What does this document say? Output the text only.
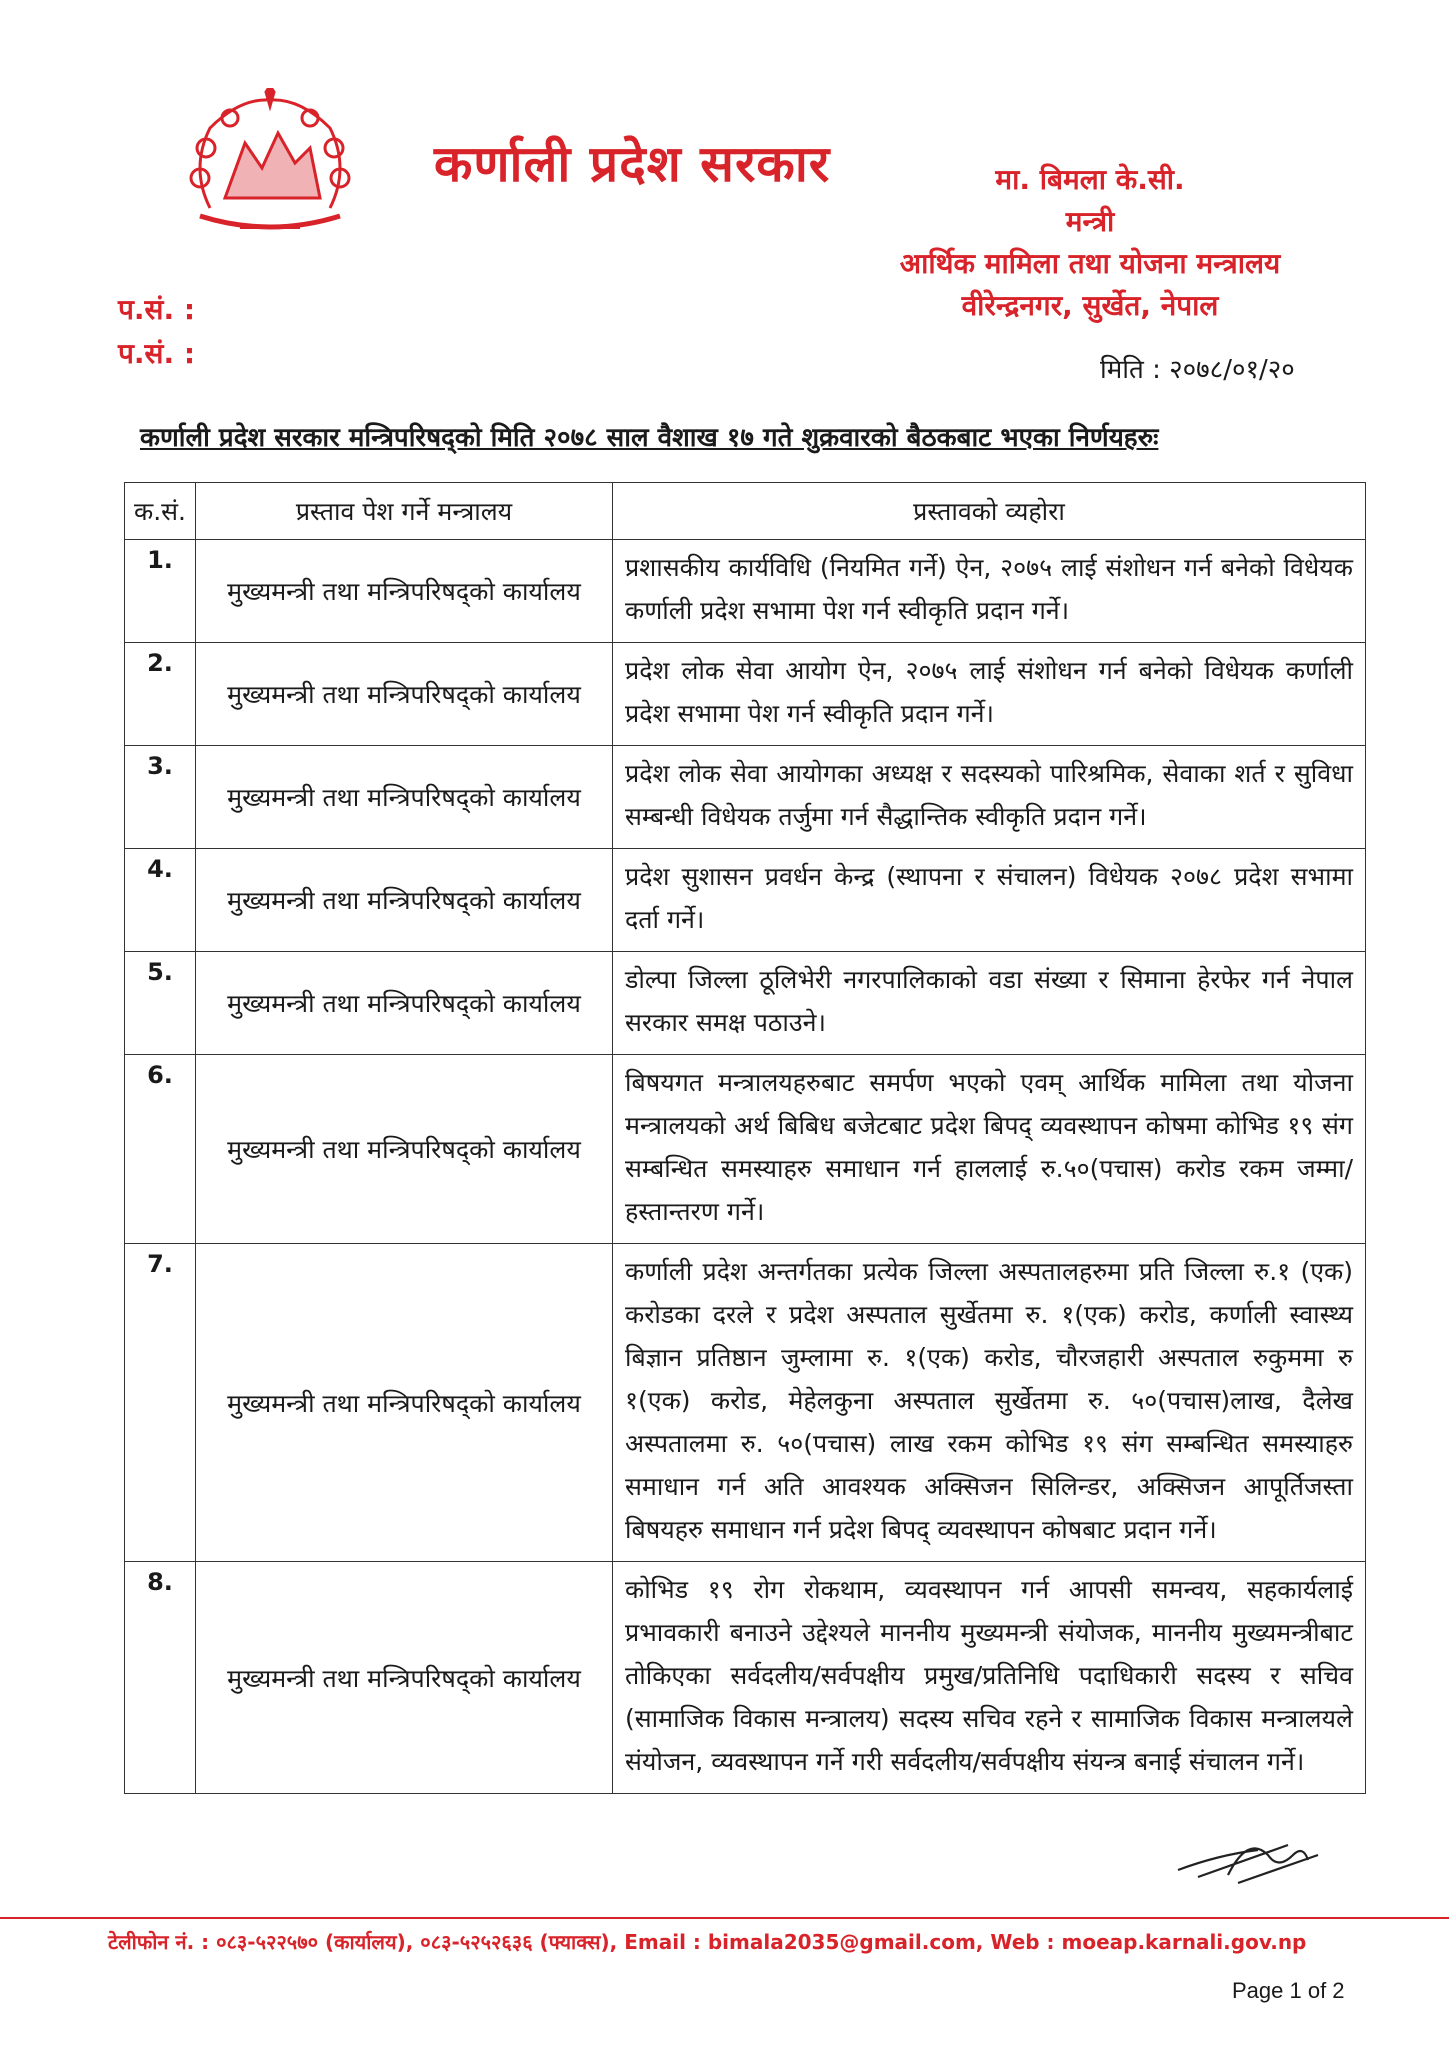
कर्णाली प्रदेश सरकार	मा. बिमला के.सी.
मन्त्री
आर्थिक मामिला तथा योजना मन्त्रालय
वीरेन्द्रनगर, सुर्खेत, नेपाल
प.सं. :
प.सं. :	मिति : २०७८/०१/२०
कर्णाली प्रदेश सरकार मन्त्रिपरिषद्को मिति २०७८ साल वैशाख १७ गते शुक्रवारको बैठकबाट भएका निर्णयहरुः
क.सं.	प्रस्ताव पेश गर्ने मन्त्रालय	प्रस्तावको व्यहोरा
1.	मुख्यमन्त्री तथा मन्त्रिपरिषद्को कार्यालय	प्रशासकीय कार्यविधि (नियमित गर्ने) ऐन, २०७५ लाई संशोधन गर्न बनेको विधेयक कर्णाली प्रदेश सभामा पेश गर्न स्वीकृति प्रदान गर्ने।
2.	मुख्यमन्त्री तथा मन्त्रिपरिषद्को कार्यालय	प्रदेश लोक सेवा आयोग ऐन, २०७५ लाई संशोधन गर्न बनेको विधेयक कर्णाली प्रदेश सभामा पेश गर्न स्वीकृति प्रदान गर्ने।
3.	मुख्यमन्त्री तथा मन्त्रिपरिषद्को कार्यालय	प्रदेश लोक सेवा आयोगका अध्यक्ष र सदस्यको पारिश्रमिक, सेवाका शर्त र सुविधा सम्बन्धी विधेयक तर्जुमा गर्न सैद्धान्तिक स्वीकृति प्रदान गर्ने।
4.	मुख्यमन्त्री तथा मन्त्रिपरिषद्को कार्यालय	प्रदेश सुशासन प्रवर्धन केन्द्र (स्थापना र संचालन) विधेयक २०७८ प्रदेश सभामा दर्ता गर्ने।
5.	मुख्यमन्त्री तथा मन्त्रिपरिषद्को कार्यालय	डोल्पा जिल्ला ठूलिभेरी नगरपालिकाको वडा संख्या र सिमाना हेरफेर गर्न नेपाल सरकार समक्ष पठाउने।
6.	मुख्यमन्त्री तथा मन्त्रिपरिषद्को कार्यालय	बिषयगत मन्त्रालयहरुबाट समर्पण भएको एवम् आर्थिक मामिला तथा योजना मन्त्रालयको अर्थ बिबिध बजेटबाट प्रदेश बिपद् व्यवस्थापन कोषमा कोभिड १९ संग सम्बन्धित समस्याहरु समाधान गर्न हाललाई रु.५०(पचास) करोड रकम जम्मा/हस्तान्तरण गर्ने।
7.	मुख्यमन्त्री तथा मन्त्रिपरिषद्को कार्यालय	कर्णाली प्रदेश अन्तर्गतका प्रत्येक जिल्ला अस्पतालहरुमा प्रति जिल्ला रु.१ (एक) करोडका दरले र प्रदेश अस्पताल सुर्खेतमा रु. १(एक) करोड, कर्णाली स्वास्थ्य बिज्ञान प्रतिष्ठान जुम्लामा रु. १(एक) करोड, चौरजहारी अस्पताल रुकुममा रु १(एक) करोड, मेहेलकुना अस्पताल सुर्खेतमा रु. ५०(पचास)लाख, दैलेख अस्पतालमा रु. ५०(पचास) लाख रकम कोभिड १९ संग सम्बन्धित समस्याहरु समाधान गर्न अति आवश्यक अक्सिजन सिलिन्डर, अक्सिजन आपूर्तिजस्ता बिषयहरु समाधान गर्न प्रदेश बिपद् व्यवस्थापन कोषबाट प्रदान गर्ने।
8.	मुख्यमन्त्री तथा मन्त्रिपरिषद्को कार्यालय	कोभिड १९ रोग रोकथाम, व्यवस्थापन गर्न आपसी समन्वय, सहकार्यलाई प्रभावकारी बनाउने उद्देश्यले माननीय मुख्यमन्त्री संयोजक, माननीय मुख्यमन्त्रीबाट तोकिएका सर्वदलीय/सर्वपक्षीय प्रमुख/प्रतिनिधि पदाधिकारी सदस्य र सचिव (सामाजिक विकास मन्त्रालय) सदस्य सचिव रहने र सामाजिक विकास मन्त्रालयले संयोजन, व्यवस्थापन गर्ने गरी सर्वदलीय/सर्वपक्षीय संयन्त्र बनाई संचालन गर्ने।
टेलीफोन नं. : ०८३-५२२५७० (कार्यालय), ०८३-५२५२६३६ (फ्याक्स), Email : bimala2035@gmail.com, Web : moeap.karnali.gov.np
Page 1 of 2
